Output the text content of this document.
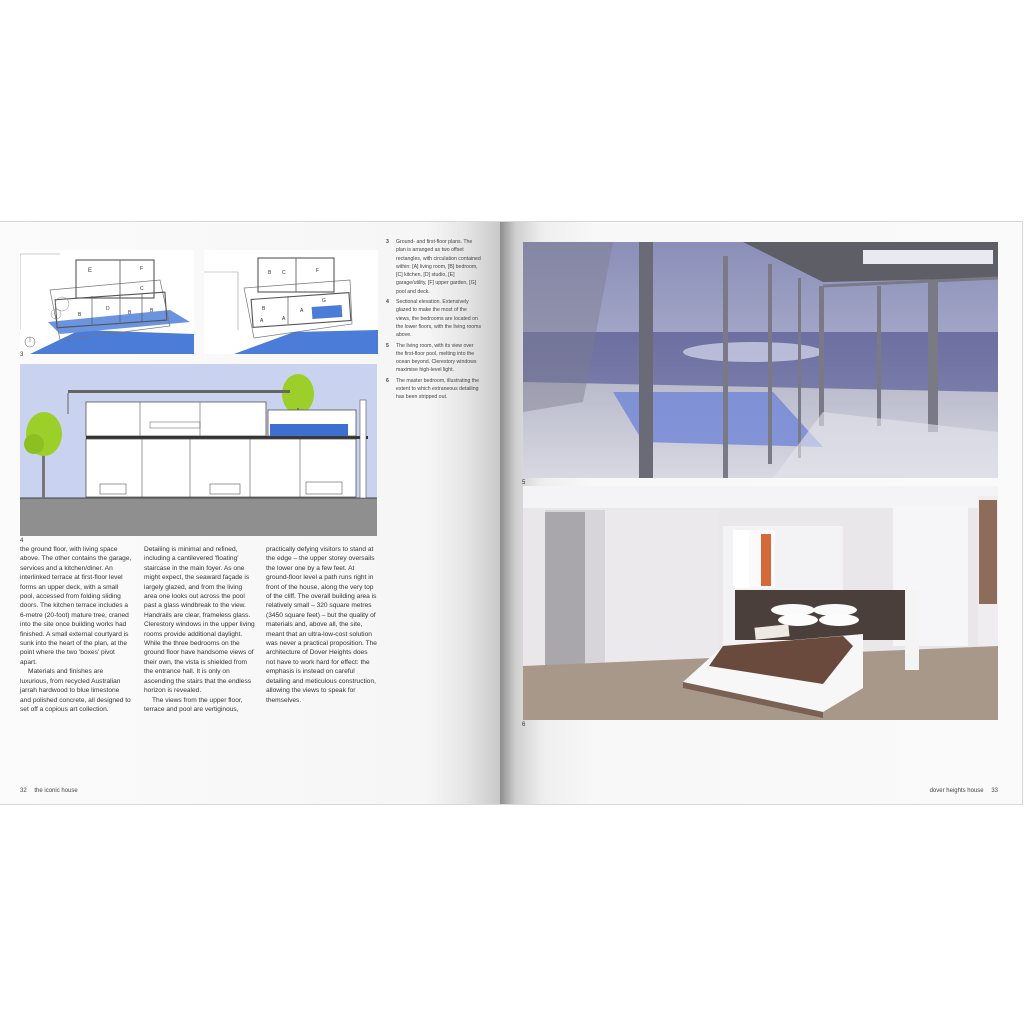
E	F
C
D
B	B	B
B C	F
B
A	A
A
G
3
4

the ground floor, with living space above. The other contains the garage, services and a kitchen/diner. An interlinked terrace at first-floor level forms an upper deck, with a small pool, accessed from folding sliding doors. The kitchen terrace includes a 6-metre (20-foot) mature tree, craned into the site once building works had finished. A small external courtyard is sunk into the heart of the plan, at the point where the two 'boxes' pivot apart.

Materials and finishes are luxurious, from recycled Australian jarrah hardwood to blue limestone and polished concrete, all designed to set off a copious art collection.

Detailing is minimal and refined, including a cantilevered 'floating' staircase in the main foyer. As one might expect, the seaward façade is largely glazed, and from the living area one looks out across the pool past a glass windbreak to the view. Handrails are clear, frameless glass. Clerestory windows in the upper living rooms provide additional daylight. While the three bedrooms on the ground floor have handsome views of their own, the vista is shielded from the entrance hall. It is only on ascending the stairs that the endless horizon is revealed.

The views from the upper floor, terrace and pool are vertiginous,

practically defying visitors to stand at the edge – the upper storey oversails the lower one by a few feet. At ground-floor level a path runs right in front of the house, along the very top of the cliff. The overall building area is relatively small – 320 square metres (3450 square feet) – but the quality of materials and, above all, the site, meant that an ultra-low-cost solution was never a practical proposition. The architecture of Dover Heights does not have to work hard for effect: the emphasis is instead on careful detailing and meticulous construction, allowing the views to speak for themselves.

3	Ground- and first-floor plans. The plan is arranged as two offset rectangles, with circulation contained within: [A] living room, [B] bedroom, [C] kitchen, [D] studio, [E] garage/utility, [F] upper garden, [G] pool and deck.
4	Sectional elevation. Extensively glazed to make the most of the views, the bedrooms are located on the lower floors, with the living rooms above.
5	The living room, with its view over the first-floor pool, melting into the ocean beyond. Clerestory windows maximise high-level light.
6	The master bedroom, illustrating the extent to which extraneous detailing has been stripped out.
32 the iconic house
5
6
dover heights house 33
